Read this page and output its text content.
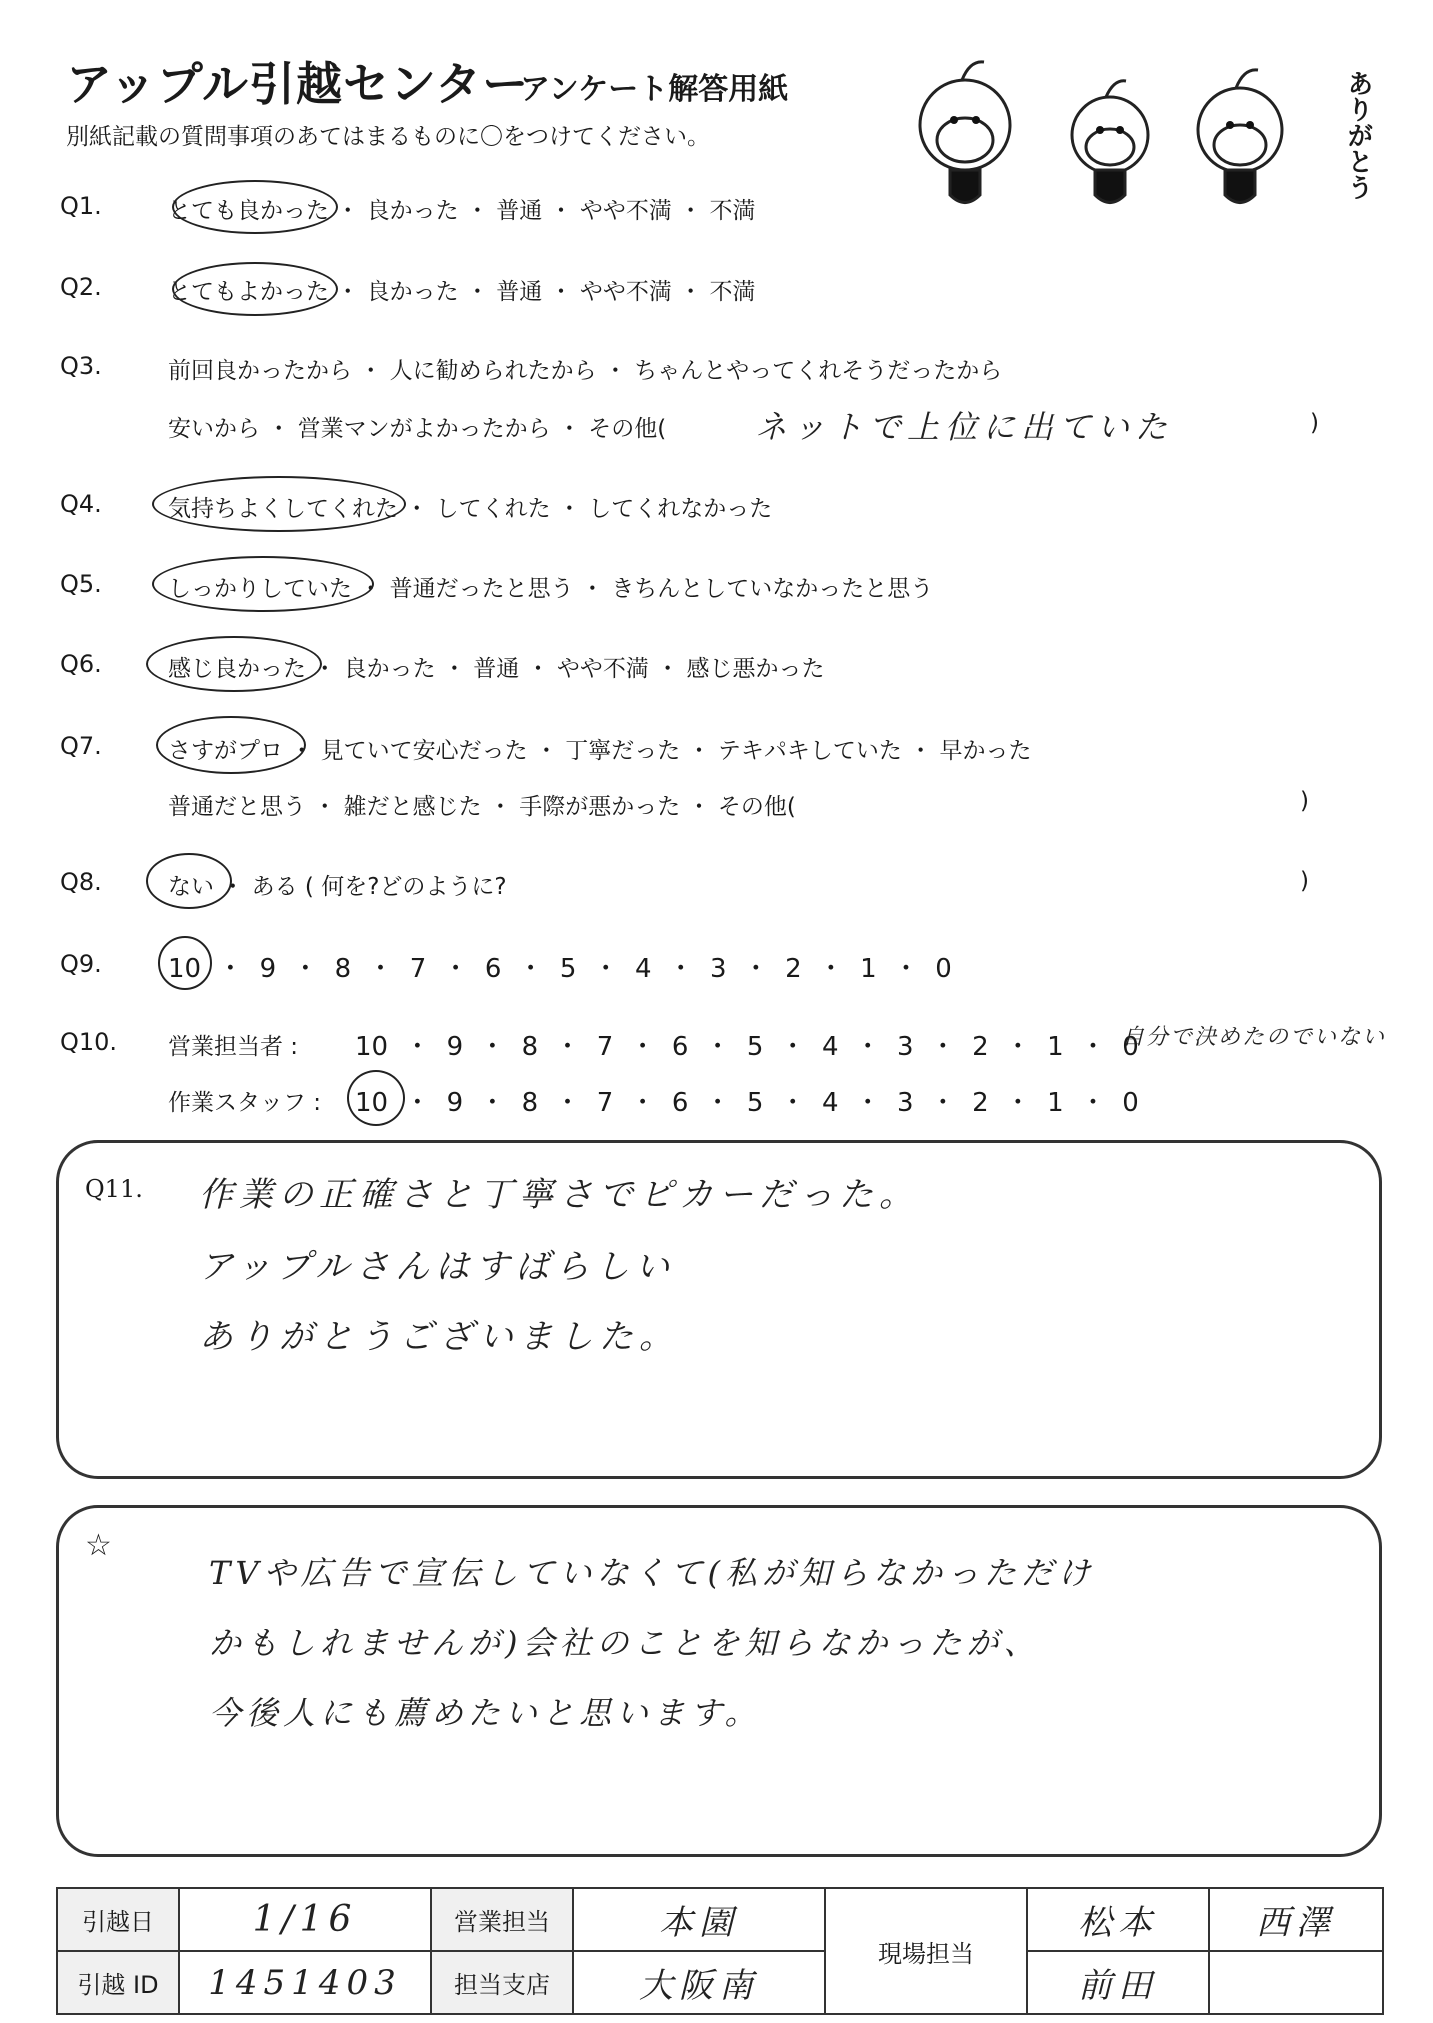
アップル引越センター
アンケート解答用紙
別紙記載の質問事項のあてはまるものに〇をつけてください。	ありがとう
Q1.	とても良かった ・ 良かった ・ 普通 ・ やや不満 ・ 不満
Q2.	とてもよかった ・ 良かった ・ 普通 ・ やや不満 ・ 不満
Q3.	前回良かったから ・ 人に勧められたから ・ ちゃんとやってくれそうだったから
安いから ・ 営業マンがよかったから ・ その他(	ネットで上位に出ていた	)
Q4.	気持ちよくしてくれた ・ してくれた ・ してくれなかった
Q5.	しっかりしていた ・ 普通だったと思う ・ きちんとしていなかったと思う
Q6.	感じ良かった ・ 良かった ・ 普通 ・ やや不満 ・ 感じ悪かった
Q7.	さすがプロ ・ 見ていて安心だった ・ 丁寧だった ・ テキパキしていた ・ 早かった
普通だと思う ・ 雑だと感じた ・ 手際が悪かった ・ その他(	)
Q8.	ない ・ ある ( 何を?どのように?	)
Q9.	10 ・ 9 ・ 8 ・ 7 ・ 6 ・ 5 ・ 4 ・ 3 ・ 2 ・ 1 ・ 0
Q10. 営業担当者 : 10 ・ 9 ・ 8 ・ 7 ・ 6 ・ 5 ・ 4 ・ 3 ・ 2 ・ 1 ・ 0
自分で決めたのでいない
作業スタッフ : 10 ・ 9 ・ 8 ・ 7 ・ 6 ・ 5 ・ 4 ・ 3 ・ 2 ・ 1 ・ 0
Q11. 作業の正確さと丁寧さでピカーだった。
アップルさんはすばらしい
ありがとうございました。
☆
TVや広告で宣伝していなくて(私が知らなかっただけ
かもしれませんが)会社のことを知らなかったが、
今後人にも薦めたいと思います。
引越日	1/16	営業担当	本園	現場担当	松本	西澤
引越 ID	1451403	担当支店	大阪南		前田	
